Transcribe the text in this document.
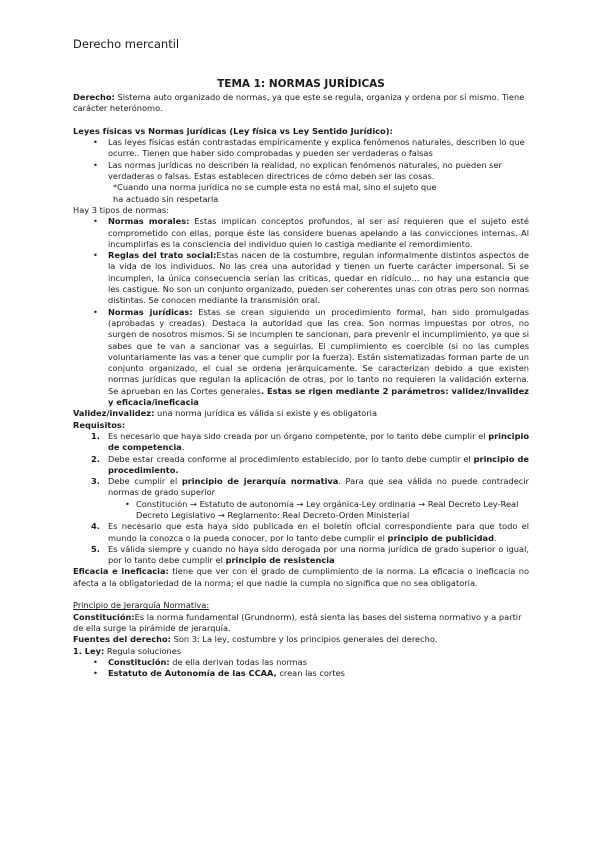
Derecho mercantil

TEMA 1: NORMAS JURÍDICAS

Derecho: Sistema auto organizado de normas, ya que este se regula, organiza y ordena por sí mismo. Tiene carácter heterónomo.

Leyes físicas vs Normas jurídicas (Ley física vs Ley Sentido Jurídico):

• Las leyes físicas están contrastadas empíricamente y explica fenómenos naturales, describen lo que ocurre.. Tienen que haber sido comprobadas y pueden ser verdaderas o falsas
• Las normas jurídicas no describen la realidad, no explican fenómenos naturales, no pueden ser verdaderas o falsas. Estas establecen directrices de cómo deben ser las cosas.

*Cuando una norma jurídica no se cumple esta no está mal, sino el sujeto que

ha actuado sin respetarla

Hay 3 tipos de normas:

• Normas morales: Estas implican conceptos profundos, al ser así requieren que el sujeto esté comprometido con ellas, porque éste las considere buenas apelando a las convicciones internas. Al incumplirlas es la consciencia del individuo quien lo castiga mediante el remordimiento.
• Reglas del trato social:Estas nacen de la costumbre, regulan informalmente distintos aspectos de la vida de los individuos. No las crea una autoridad y tienen un fuerte carácter impersonal. Si se incumplen, la única consecuencia serían las críticas, quedar en ridículo… no hay una estancia que les castigue. No son un conjunto organizado, pueden ser coherentes unas con otras pero son normas distintas. Se conocen mediante la transmisión oral.
• Normas jurídicas: Estas se crean siguiendo un procedimiento formal, han sido promulgadas (aprobadas y creadas). Destaca la autoridad que las crea. Son normas impuestas por otros, no surgen de nosotros mismos. Si se incumplen te sancionan, para prevenir el incumplimiento, ya que si sabes que te van a sancionar vas a seguirlas. El cumplimiento es coercible (si no las cumples voluntariamente las vas a tener que cumplir por la fuerza). Están sistematizadas forman parte de un conjunto organizado, el cual se ordena jerárquicamente. Se caracterizan debido a que existen normas jurídicas que regulan la aplicación de otras, por lo tanto no requieren la validación externa. Se aprueban en las Cortes generales. Estas se rigen mediante 2 parámetros: validez/invalidez y eficacia/ineficacia

Validez/invalidez: una norma jurídica es válida si existe y es obligatoria

Requisitos:

1. Es necesario que haya sido creada por un órgano competente, por lo tanto debe cumplir el principio de competencia.
2. Debe estar creada conforme al procedimiento establecido, por lo tanto debe cumplir el principio de procedimiento.
3. Debe cumplir el principio de jerarquía normativa. Para que sea válida no puede contradecir normas de grado superior
• Constitución → Estatuto de autonomía → Ley orgánica-Ley ordinaria → Real Decreto Ley-Real Decreto Legislativo → Reglamento: Real Decreto-Orden Ministerial
4. Es necesario que esta haya sido publicada en el boletín oficial correspondiente para que todo el mundo la conozca o la pueda conocer, por lo tanto debe cumplir el principio de publicidad.
5. Es válida siempre y cuando no haya sido derogada por una norma jurídica de grado superior o igual, por lo tanto debe cumplir el principio de resistencia

Eficacia e ineficacia: tiene que ver con el grado de cumplimiento de la norma. La eficacia o ineficacia no afecta a la obligatoriedad de la norma; el que nadie la cumpla no significa que no sea obligatoria.

Principio de Jerarquía Normativa:

Constitución:Es la norma fundamental (Grundnorm), está sienta las bases del sistema normativo y a partir de ella surge la pirámide de jerarquía.

Fuentes del derecho: Son 3: La ley, costumbre y los principios generales del derecho.

1. Ley: Regula soluciones

• Constitución: de ella derivan todas las normas
• Estatuto de Autonomía de las CCAA, crean las cortes
